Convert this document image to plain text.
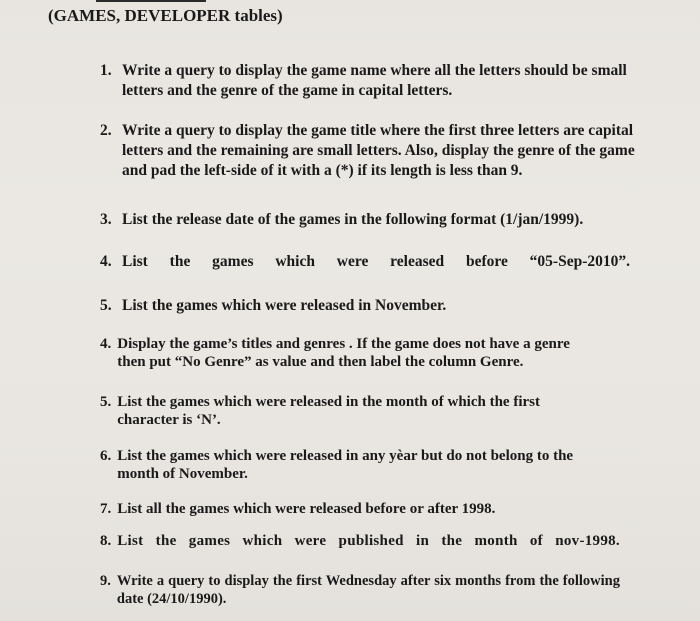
(GAMES, DEVELOPER tables)
1. Write a query to display the game name where all the letters should be small letters and the genre of the game in capital letters.
2. Write a query to display the game title where the first three letters are capital letters and the remaining are small letters. Also, display the genre of the game and pad the left-side of it with a (*) if its length is less than 9.
3. List the release date of the games in the following format (1/jan/1999).
4. List the games which were released before “05-Sep-2010”.
5. List the games which were released in November.
4. Display the game’s titles and genres . If the game does not have a genre then put “No Genre” as value and then label the column Genre.
5. List the games which were released in the month of which the first character is ‘N’.
6. List the games which were released in any yèar but do not belong to the month of November.
7. List all the games which were released before or after 1998.
8. List the games which were published in the month of nov-1998.
9. Write a query to display the first Wednesday after six months from the following date (24/10/1990).
